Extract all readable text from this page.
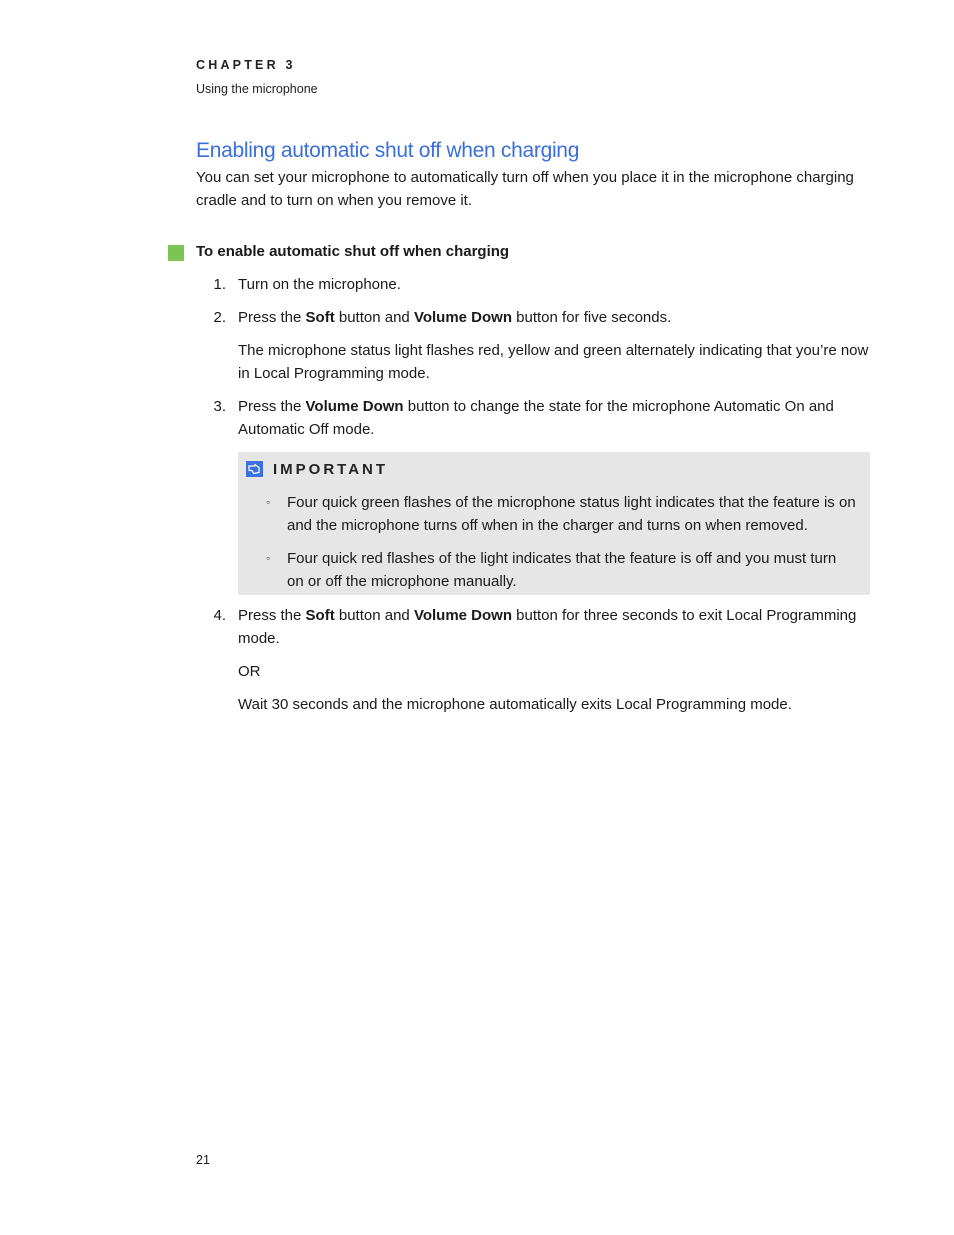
CHAPTER 3
Using the microphone
Enabling automatic shut off when charging

You can set your microphone to automatically turn off when you place it in the microphone charging cradle and to turn on when you remove it.

To enable automatic shut off when charging
1. Turn on the microphone.
2. Press the Soft button and Volume Down button for five seconds.

The microphone status light flashes red, yellow and green alternately indicating that you’re now in Local Programming mode.

3. Press the Volume Down button to change the state for the microphone Automatic On and Automatic Off mode.
IMPORTANT
◦ Four quick green flashes of the microphone status light indicates that the feature is on and the microphone turns off when in the charger and turns on when removed.
◦ Four quick red flashes of the light indicates that the feature is off and you must turn on or off the microphone manually.
4. Press the Soft button and Volume Down button for three seconds to exit Local Programming mode.

OR

Wait 30 seconds and the microphone automatically exits Local Programming mode.

21
